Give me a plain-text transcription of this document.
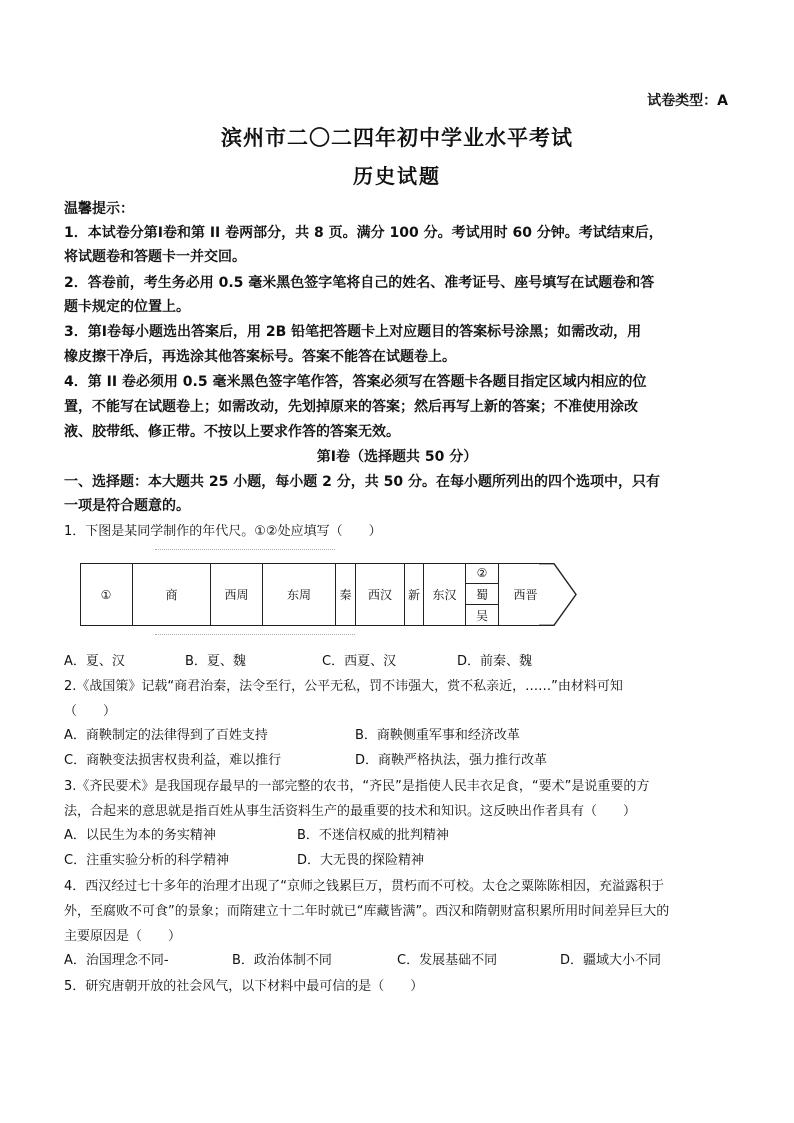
试卷类型：A
滨州市二〇二四年初中学业水平考试
历史试题
温馨提示：
1．本试卷分第Ⅰ卷和第 II 卷两部分，共 8 页。满分 100 分。考试用时 60 分钟。考试结束后，
将试题卷和答题卡一并交回。
2．答卷前，考生务必用 0.5 毫米黑色签字笔将自己的姓名、准考证号、座号填写在试题卷和答
题卡规定的位置上。
3．第Ⅰ卷每小题选出答案后，用 2B 铅笔把答题卡上对应题目的答案标号涂黑；如需改动，用
橡皮擦干净后，再选涂其他答案标号。答案不能答在试题卷上。
4．第 II 卷必须用 0.5 毫米黑色签字笔作答，答案必须写在答题卡各题目指定区域内相应的位
置，不能写在试题卷上；如需改动，先划掉原来的答案；然后再写上新的答案；不准使用涂改
液、胶带纸、修正带。不按以上要求作答的答案无效。
第Ⅰ卷（选择题共 50 分）
一、选择题：本大题共 25 小题，每小题 2 分，共 50 分。在每小题所列出的四个选项中，只有
一项是符合题意的。
1．下图是某同学制作的年代尺。①②处应填写（　　）
①	商	西周	东周	秦	西汉	新	东汉
②
蜀
吴
西晋
A．夏、汉	B．夏、魏	C．西夏、汉	D．前秦、魏
2.《战国策》记载“商君治秦，法令至行，公平无私，罚不讳强大，赏不私亲近，……”由材料可知
（　　）
A．商鞅制定的法律得到了百姓支持	B．商鞅侧重军事和经济改革
C．商鞅变法损害权贵利益，难以推行	D．商鞅严格执法，强力推行改革
3.《齐民要术》是我国现存最早的一部完整的农书，“齐民”是指使人民丰衣足食，“要术”是说重要的方
法，合起来的意思就是指百姓从事生活资料生产的最重要的技术和知识。这反映出作者具有（　　）
A．以民生为本的务实精神	B．不迷信权威的批判精神
C．注重实验分析的科学精神	D．大无畏的探险精神
4．西汉经过七十多年的治理才出现了“京师之钱累巨万，贯朽而不可校。太仓之粟陈陈相因，充溢露积于
外，至腐败不可食”的景象；而隋建立十二年时就已“库藏皆满”。西汉和隋朝财富积累所用时间差异巨大的
主要原因是（　　）
A．治国理念不同-	B．政治体制不同	C．发展基础不同	D．疆域大小不同
5．研究唐朝开放的社会风气，以下材料中最可信的是（　　）
